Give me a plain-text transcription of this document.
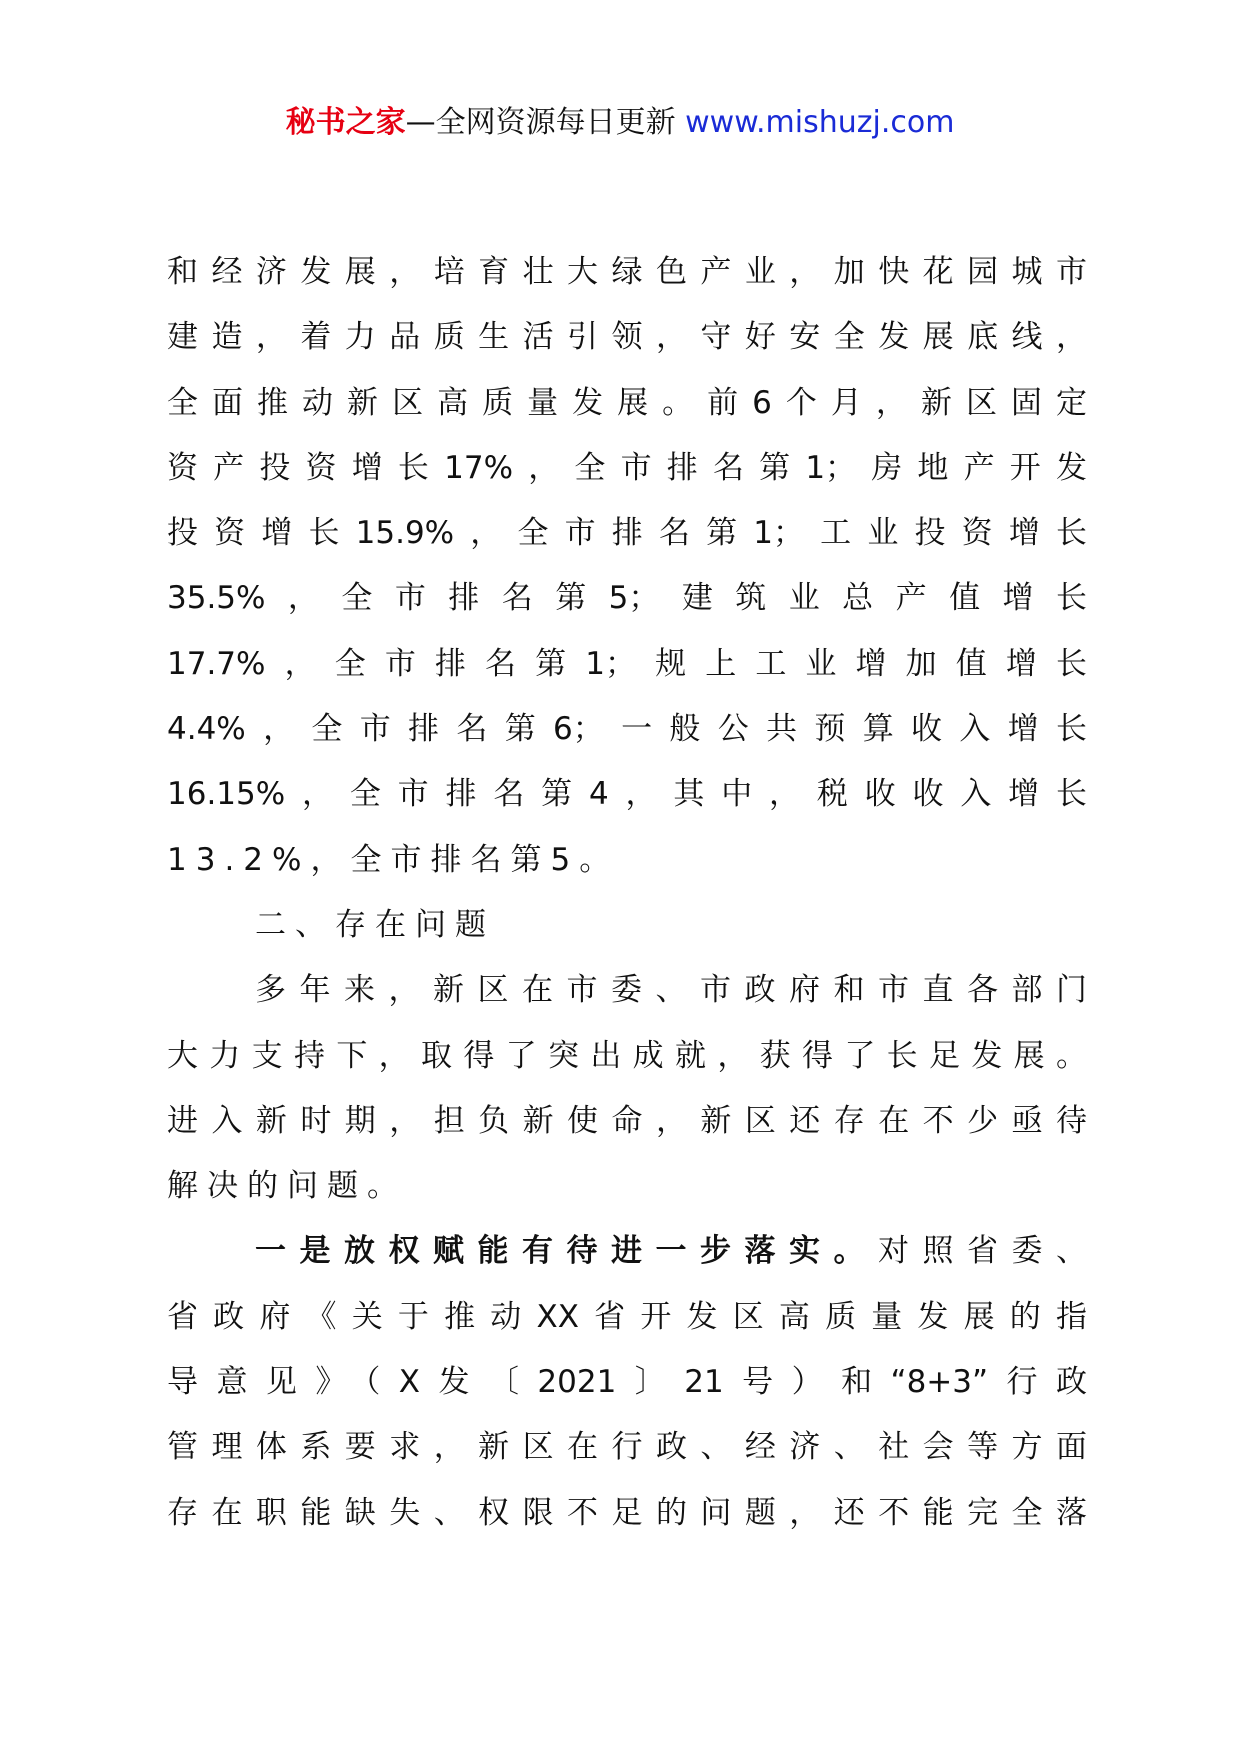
秘书之家—全网资源每日更新 www.mishuzj.com
和经济发展，培育壮大绿色产业，加快花园城市
建造，着力品质生活引领，守好安全发展底线，
全面推动新区高质量发展。前6个月，新区固定
资产投资增长17%，全市排名第1；房地产开发
投资增长15.9%，全市排名第1；工业投资增长
35.5%，全市排名第5；建筑业总产值增长
17.7%，全市排名第1；规上工业增加值增长
4.4%，全市排名第6；一般公共预算收入增长
16.15%，全市排名第4，其中，税收收入增长
13.2%，全市排名第5。
二、存在问题
多年来，新区在市委、市政府和市直各部门
大力支持下，取得了突出成就，获得了长足发展。
进入新时期，担负新使命，新区还存在不少亟待
解决的问题。
一是放权赋能有待进一步落实。对照省委、
省政府《关于推动XX省开发区高质量发展的指
导意见》（X发〔2021〕21号）和“8+3”行政
管理体系要求，新区在行政、经济、社会等方面
存在职能缺失、权限不足的问题，还不能完全落
